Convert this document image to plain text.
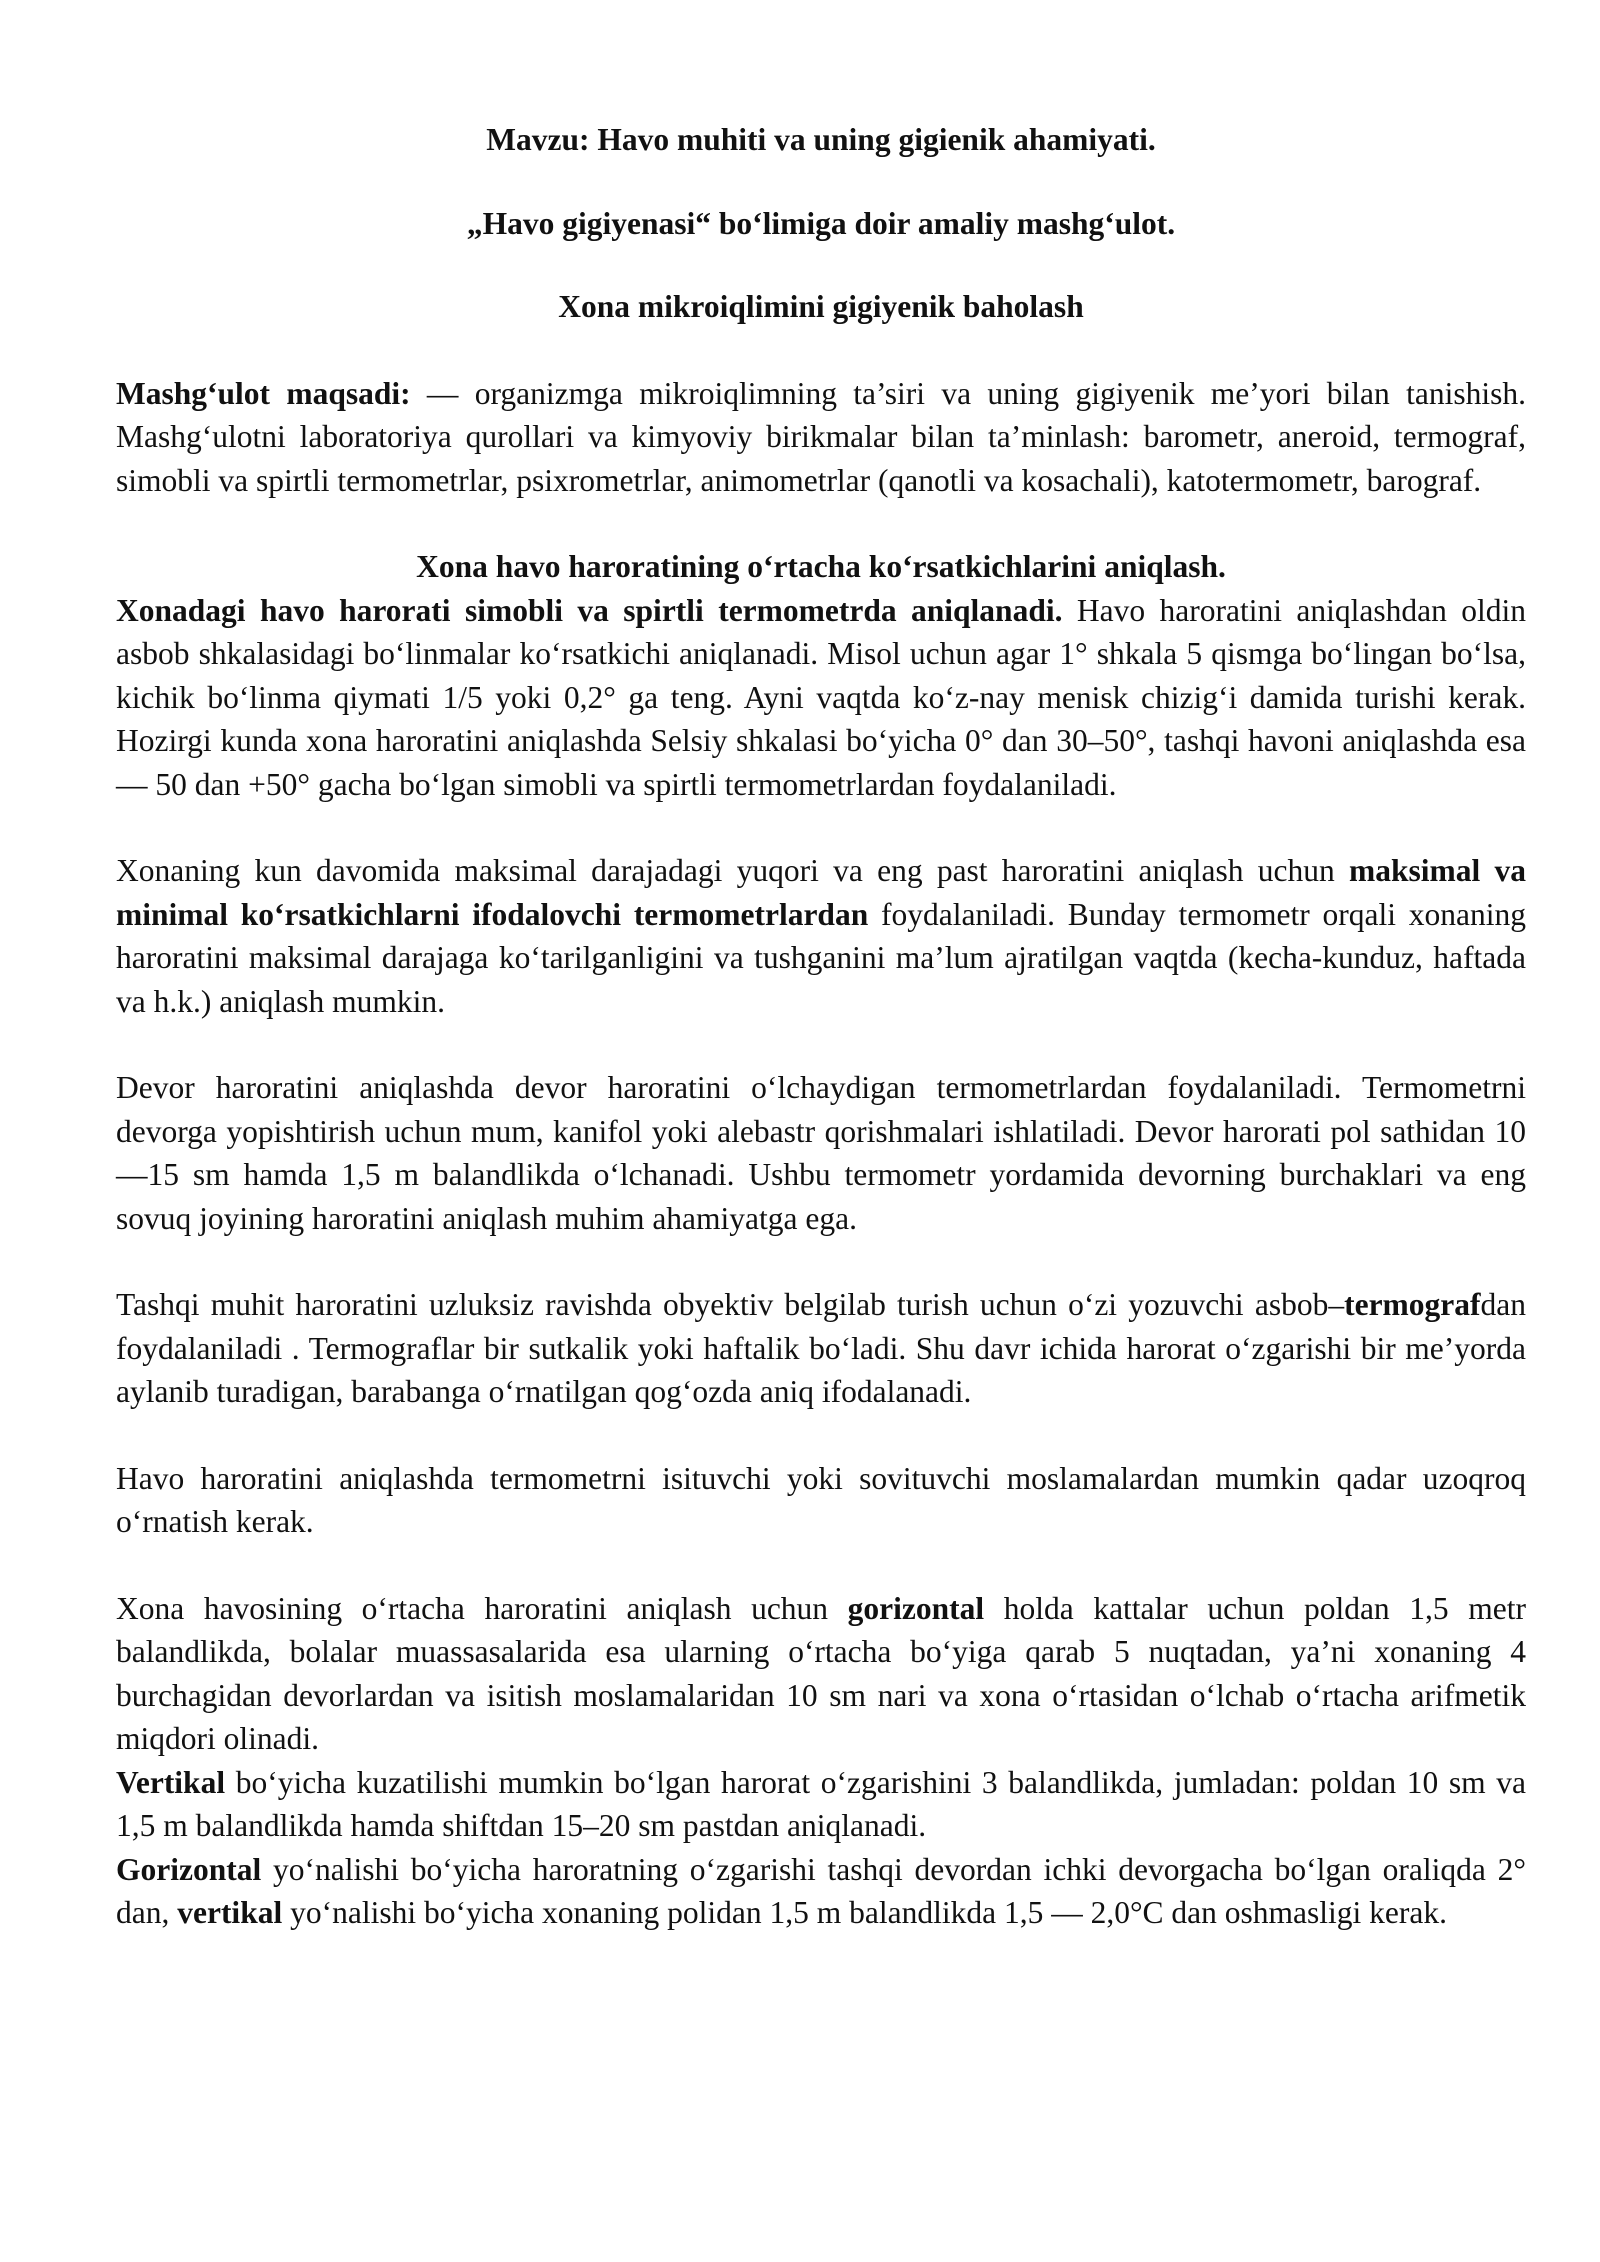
Mavzu: Havo muhiti va uning gigienik ahamiyati.

„Havo gigiyenasi“ bo‘limiga doir amaliy mashg‘ulot.

Xona mikroiqlimini gigiyenik baholash

Mashg‘ulot maqsadi: — organizmga mikroiqlimning ta’siri va uning gigiyenik me’yori bilan tanishish. Mashg‘ulotni laboratoriya qurollari va kimyoviy birikmalar bilan ta’minlash: barometr, aneroid, termograf, simobli va spirtli termometrlar, psixrometrlar, animometrlar (qanotli va kosachali), katotermometr, barograf.

Xona havo haroratining o‘rtacha ko‘rsatkichlarini aniqlash.

Xonadagi havo harorati simobli va spirtli termometrda aniqlanadi. Havo haroratini aniqlashdan oldin asbob shkalasidagi bo‘linmalar ko‘rsatkichi aniqlanadi. Misol uchun agar 1° shkala 5 qismga bo‘lingan bo‘lsa, kichik bo‘linma qiymati 1/5 yoki 0,2° ga teng. Ayni vaqtda ko‘z-nay menisk chizig‘i damida turishi kerak. Hozirgi kunda xona haroratini aniqlashda Selsiy shkalasi bo‘yicha 0° dan 30–50°, tashqi havoni aniqlashda esa — 50 dan +50° gacha bo‘lgan simobli va spirtli termometrlardan foydalaniladi.

Xonaning kun davomida maksimal darajadagi yuqori va eng past haroratini aniqlash uchun maksimal va minimal ko‘rsatkichlarni ifodalovchi termometrlardan foydalaniladi. Bunday termometr orqali xonaning haroratini maksimal darajaga ko‘tarilganligini va tushganini ma’lum ajratilgan vaqtda (kecha-kunduz, haftada va h.k.) aniqlash mumkin.

Devor haroratini aniqlashda devor haroratini o‘lchaydigan termometrlardan foydalaniladi. Termometrni devorga yopishtirish uchun mum, kanifol yoki alebastr qorishmalari ishlatiladi. Devor harorati pol sathidan 10—15 sm hamda 1,5 m balandlikda o‘lchanadi. Ushbu termometr yordamida devorning burchaklari va eng sovuq joyining haroratini aniqlash muhim ahamiyatga ega.

Tashqi muhit haroratini uzluksiz ravishda obyektiv belgilab turish uchun o‘zi yozuvchi asbob–termografdan foydalaniladi . Termograflar bir sutkalik yoki haftalik bo‘ladi. Shu davr ichida harorat o‘zgarishi bir me’yorda aylanib turadigan, barabanga o‘rnatilgan qog‘ozda aniq ifodalanadi.

Havo haroratini aniqlashda termometrni isituvchi yoki sovituvchi moslamalardan mumkin qadar uzoqroq o‘rnatish kerak.

Xona havosining o‘rtacha haroratini aniqlash uchun gorizontal holda kattalar uchun poldan 1,5 metr balandlikda, bolalar muassasalarida esa ularning o‘rtacha bo‘yiga qarab 5 nuqtadan, ya’ni xonaning 4 burchagidan devorlardan va isitish moslamalaridan 10 sm nari va xona o‘rtasidan o‘lchab o‘rtacha arifmetik miqdori olinadi.

Vertikal bo‘yicha kuzatilishi mumkin bo‘lgan harorat o‘zgarishini 3 balandlikda, jumladan: poldan 10 sm va 1,5 m balandlikda hamda shiftdan 15–20 sm pastdan aniqlanadi.

Gorizontal yo‘nalishi bo‘yicha haroratning o‘zgarishi tashqi devordan ichki devorgacha bo‘lgan oraliqda 2° dan, vertikal yo‘nalishi bo‘yicha xonaning polidan 1,5 m balandlikda 1,5 — 2,0°C dan oshmasligi kerak.
